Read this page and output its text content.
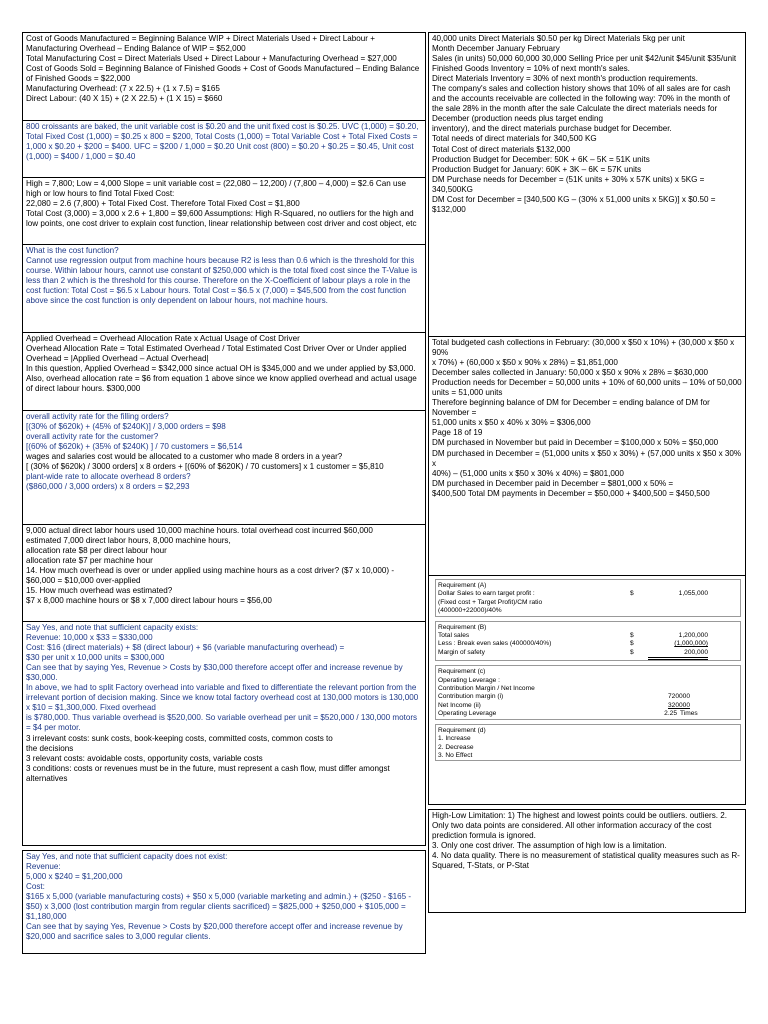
Cost of Goods Manufactured = Beginning Balance WIP + Direct Materials Used + Direct Labour + Manufacturing Overhead – Ending Balance of WIP = $52,000
Total Manufacturing Cost = Direct Materials Used + Direct Labour + Manufacturing Overhead = $27,000
Cost of Goods Sold = Beginning Balance of Finished Goods + Cost of Goods Manufactured – Ending Balance of Finished Goods = $22,000
Manufacturing Overhead: (7 x 22.5) + (1 x 7.5) = $165
Direct Labour: (40 X 15) + (2 X 22.5) + (1 X 15) = $660
800 croissants are baked, the unit variable cost is $0.20 and the unit fixed cost is $0.25. UVC (1,000) = $0.20, Total Fixed Cost (1,000) = $0.25 x 800 = $200, Total Costs (1,000) = Total Variable Cost + Total Fixed Costs = 1,000 x $0.20 + $200 = $400. UFC = $200 / 1,000 = $0.20 Unit cost (800) = $0.20 + $0.25 = $0.45, Unit cost (1,000) = $400 / 1,000 = $0.40
High = 7,800; Low = 4,000 Slope = unit variable cost = (22,080 – 12,200) / (7,800 – 4,000) = $2.6 Can use high or low hours to find Total Fixed Cost:
22,080 = 2.6 (7,800) + Total Fixed Cost. Therefore Total Fixed Cost = $1,800
Total Cost (3,000) = 3,000 x 2.6 + 1,800 = $9,600 Assumptions: High R-Squared, no outliers for the high and low points, one cost driver to explain cost function, linear relationship between cost driver and cost object, etc
What is the cost function?
Cannot use regression output from machine hours because R2 is less than 0.6 which is the threshold for this course. Within labour hours, cannot use constant of $250,000 which is the total fixed cost since the T-Value is less than 2 which is the threshold for this course. Therefore on the X-Coefficient of labour plays a role in the cost fuction: Total Cost = $6.5 x Labour hours. Total Cost = $6.5 x (7,000) = $45,500 from the cost function above since the cost function is only dependent on labour hours, not machine hours.
Applied Overhead = Overhead Allocation Rate x Actual Usage of Cost Driver
Overhead Allocation Rate = Total Estimated Overhead / Total Estimated Cost Driver Over or Under applied Overhead = |Applied Overhead – Actual Overhead|
In this question, Applied Overhead = $342,000 since actual OH is $345,000 and we under applied by $3,000. Also, overhead allocation rate = $6 from equation 1 above since we know applied overhead and actual usage of direct labour hours. $300,000
overall activity rate for the filling orders?
[(30% of $620k) + (45% of $240K)] / 3,000 orders = $98
overall activity rate for the customer?
[(60% of $620k) + (35% of $240K) ] / 70 customers = $6,514
wages and salaries cost would be allocated to a customer who made 8 orders in a year?
[ (30% of $620k) / 3000 orders] x 8 orders + [(60% of $620K) / 70 customers] x 1 customer = $5,810
plant-wide rate to allocate overhead 8 orders?
($860,000 / 3,000 orders) x 8 orders = $2,293
9,000 actual direct labor hours used 10,000 machine hours. total overhead cost incurred $60,000
estimated 7,000 direct labor hours, 8,000 machine hours,
allocation rate $8 per direct labour hour
allocation rate $7 per machine hour
14. How much overhead is over or under applied using machine hours as a cost driver? ($7 x 10,000) - $60,000 = $10,000 over-applied
15. How much overhead was estimated?
$7 x 8,000 machine hours or $8 x 7,000 direct labour hours = $56,00
Say Yes, and note that sufficient capacity exists:
Revenue: 10,000 x $33 = $330,000
Cost: $16 (direct materials) + $8 (direct labour) + $6 (variable manufacturing overhead) =
$30 per unit x 10,000 units = $300,000
Can see that by saying Yes, Revenue > Costs by $30,000 therefore accept offer and increase revenue by $30,000.
In above, we had to split Factory overhead into variable and fixed to differentiate the relevant portion from the irrelevant portion of decision making. Since we know total factory overhead cost at 130,000 motors is 130,000 x $10 = $1,300,000. Fixed overhead
is $780,000. Thus variable overhead is $520,000. So variable overhead per unit = $520,000 / 130,000 motors = $4 per motor.
3 irrelevant costs: sunk costs, book-keeping costs, committed costs, common costs to
the decisions
3 relevant costs: avoidable costs, opportunity costs, variable costs
3 conditions: costs or revenues must be in the future, must represent a cash flow, must differ amongst alternatives
Say Yes, and note that sufficient capacity does not exist:
Revenue:
5,000 x $240 = $1,200,000
Cost:
$165 x 5,000 (variable manufacturing costs) + $50 x 5,000 (variable marketing and admin.) + ($250 - $165 - $50) x 3,000 (lost contribution margin from regular clients sacrificed) = $825,000 + $250,000 + $105,000 = $1,180,000
Can see that by saying Yes, Revenue > Costs by $20,000 therefore accept offer and increase revenue by $20,000 and sacrifice sales to 3,000 regular clients.
40,000 units Direct Materials $0.50 per kg Direct Materials 5kg per unit
Month December January February
Sales (in units) 50,000 60,000 30,000 Selling Price per unit $42/unit $45/unit $35/unit
Finished Goods Inventory = 10% of next month's sales.
Direct Materials Inventory = 30% of next month's production requirements.
The company's sales and collection history shows that 10% of all sales are for cash
and the accounts receivable are collected in the following way: 70% in the month of the sale 28% in the month after the sale Calculate the direct materials needs for December (production needs plus target ending
inventory), and the direct materials purchase budget for December.
Total needs of direct materials for 340,500 KG
Total Cost of direct materials $132,000
Production Budget for December: 50K + 6K – 5K = 51K units
Production Budget for January: 60K + 3K – 6K = 57K units
DM Purchase needs for December = (51K units + 30% x 57K units) x 5KG = 340,500KG
DM Cost for December = [340,500 KG – (30% x 51,000 units x 5KG)] x $0.50 = $132,000
Total budgeted cash collections in February: (30,000 x $50 x 10%) + (30,000 x $50 x 90%
x 70%) + (60,000 x $50 x 90% x 28%) = $1,851,000
December sales collected in January: 50,000 x $50 x 90% x 28% = $630,000
Production needs for December = 50,000 units + 10% of 60,000 units – 10% of 50,000
units = 51,000 units
Therefore beginning balance of DM for December = ending balance of DM for November =
51,000 units x $50 x 40% x 30% = $306,000
Page 18 of 19
DM purchased in November but paid in December = $100,000 x 50% = $50,000
DM purchased in December = (51,000 units x $50 x 30%) + (57,000 units x $50 x 30% x
40%) – (51,000 units x $50 x 30% x 40%) = $801,000
DM purchased in December paid in December = $801,000 x 50% =
$400,500 Total DM payments in December = $50,000 + $400,500 = $450,500
Requirement (A)
Dollar Sales to earn target profit :	$	1,055,000
(Fixed cost + Target Profit)/CM ratio
(400000+22000)/40%

Requirement (B)
Total sales	$	1,200,000
Less : Break even sales (400000/40%)	$	(1,000,000)
Margin of safety	$	200,000

Requirement (c)
Operating Leverage :
Contribution Margin / Net Income
Contribution margin (i)	720000
Net Income (ii)	320000
Operating Leverage	2.25 Times

Requirement (d)
1. Increase
2. Decrease
3. No Effect
High-Low Limitation: 1) The highest and lowest points could be outliers. outliers. 2. Only two data points are considered. All other information accuracy of the cost prediction formula is ignored.
3. Only one cost driver. The assumption of high low is a limitation.
4. No data quality. There is no measurement of statistical quality measures such as R-Squared, T-Stats, or P-Stat
